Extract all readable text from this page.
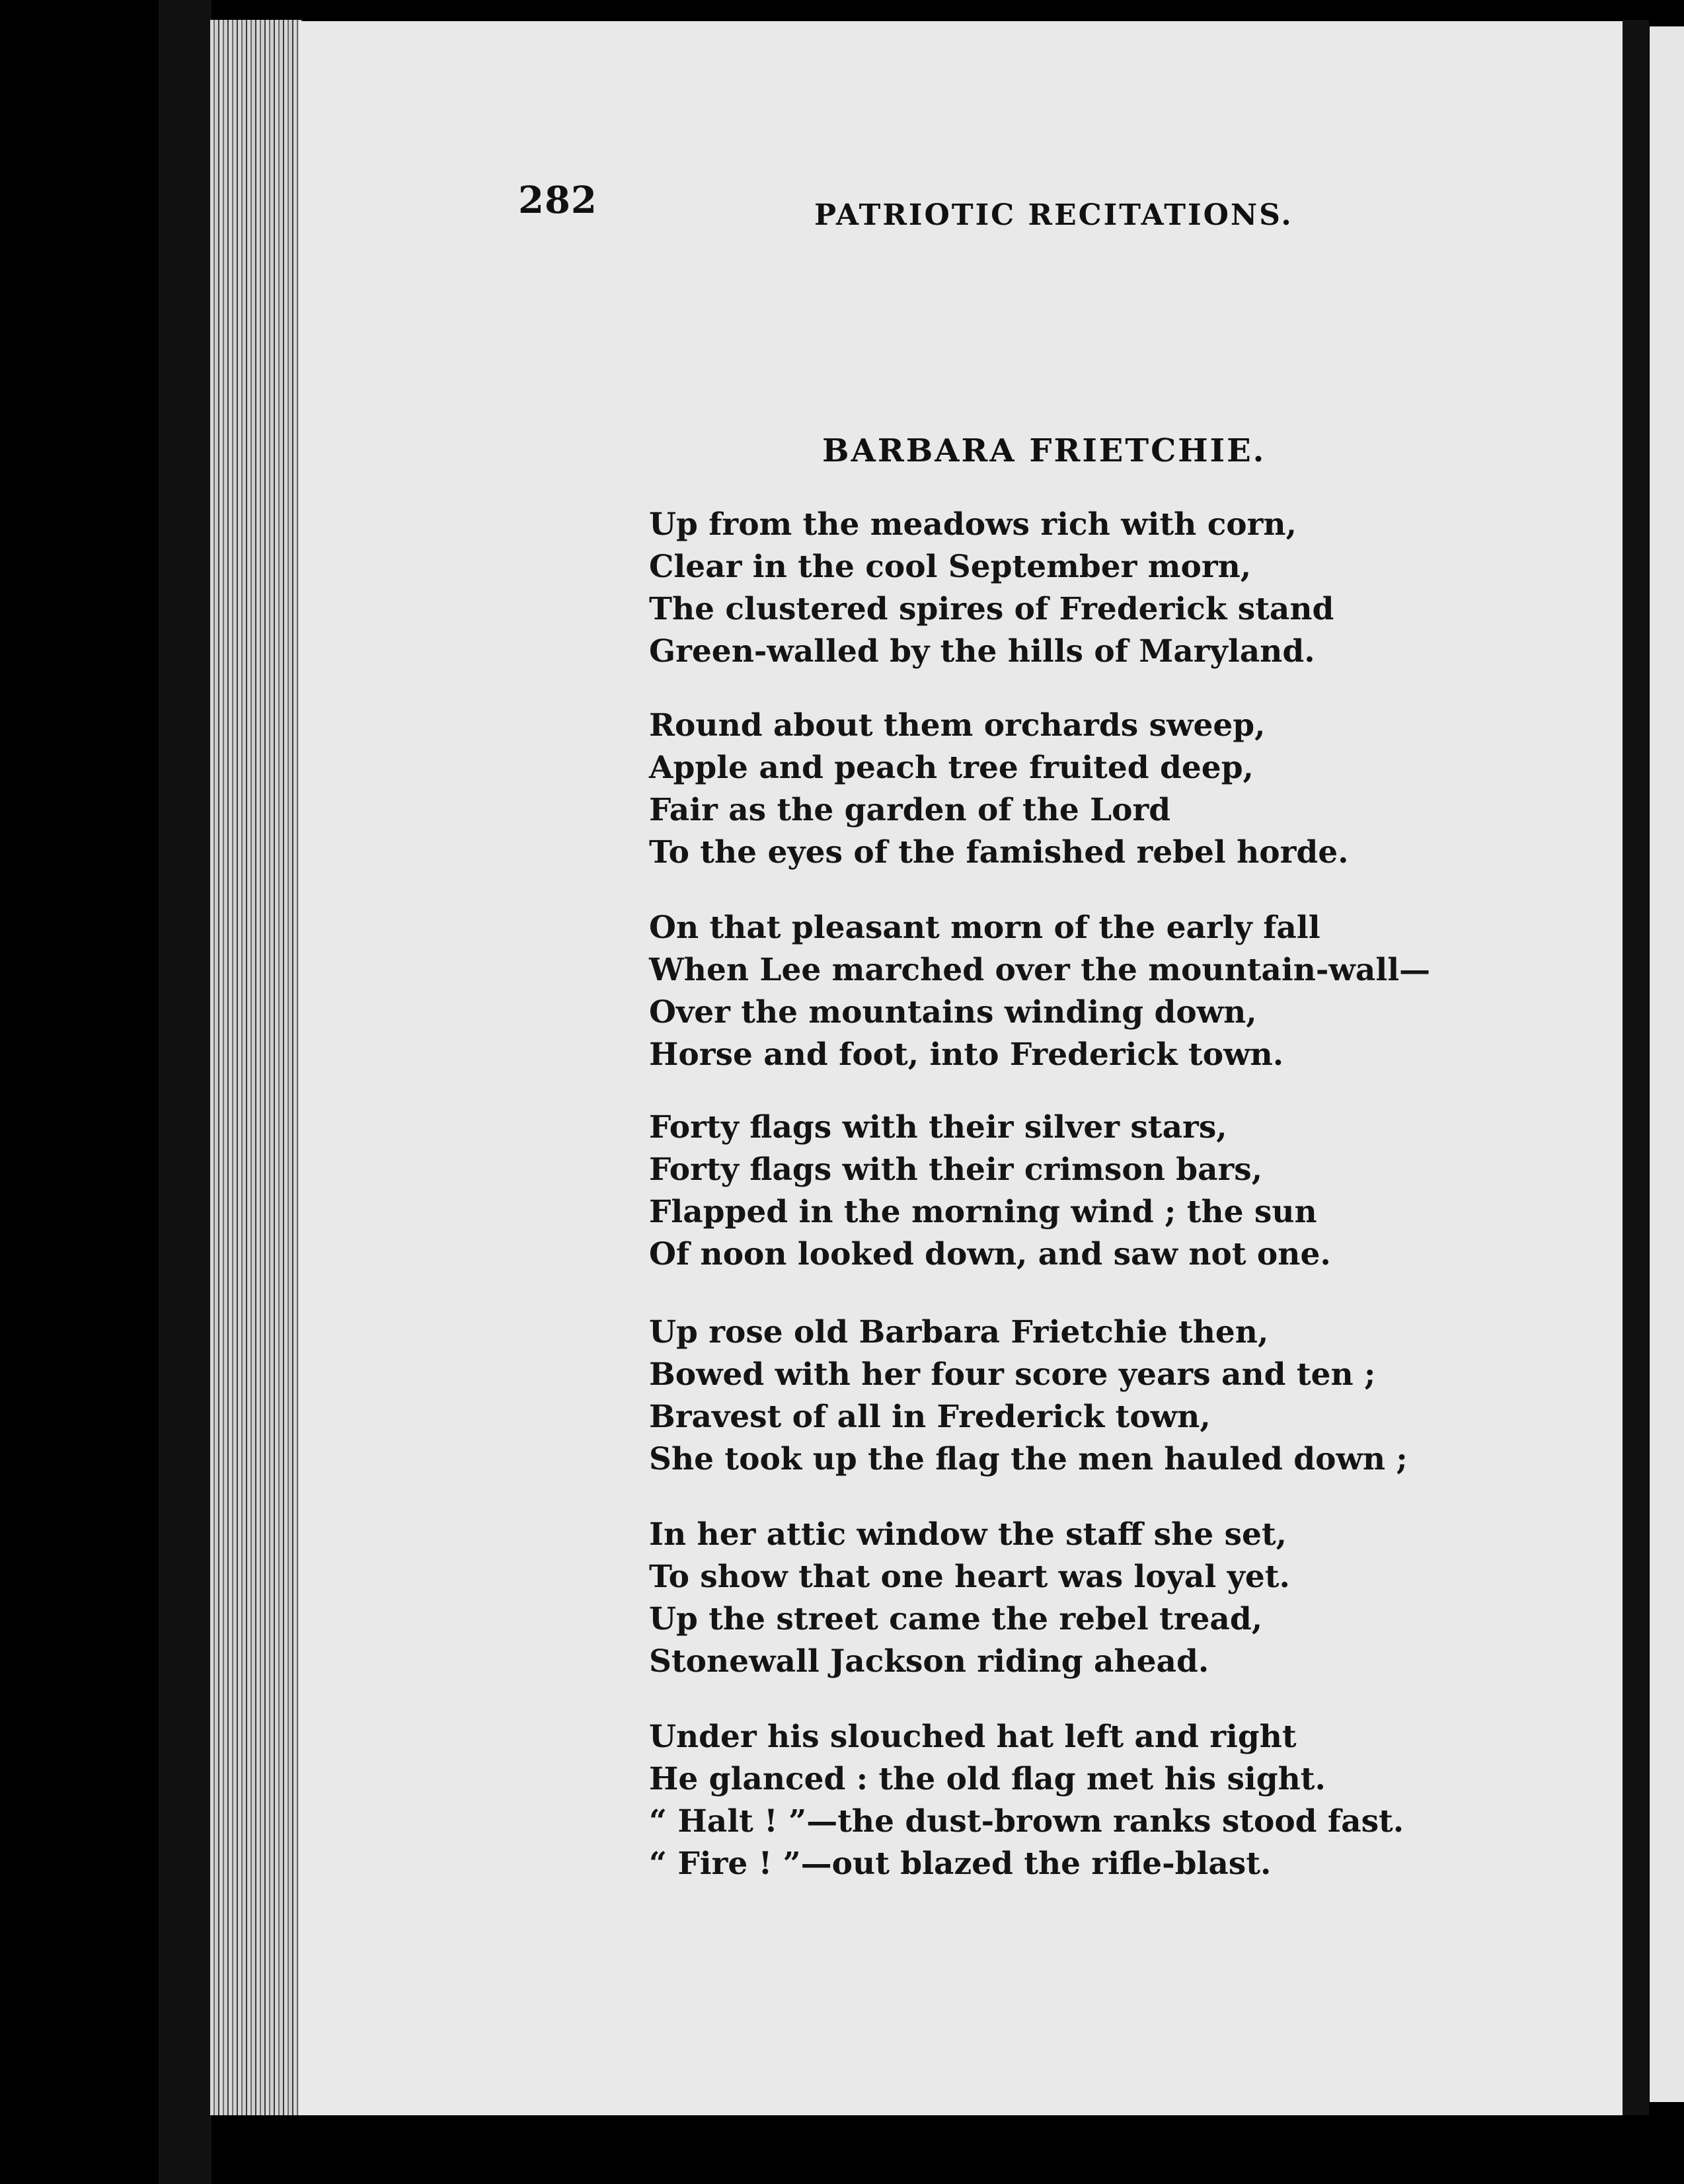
282	PATRIOTIC RECITATIONS.
BARBARA FRIETCHIE.
Up from the meadows rich with corn,
Clear in the cool September morn,
The clustered spires of Frederick stand
Green-walled by the hills of Maryland.
Round about them orchards sweep,
Apple and peach tree fruited deep,
Fair as the garden of the Lord
To the eyes of the famished rebel horde.
On that pleasant morn of the early fall
When Lee marched over the mountain-wall—
Over the mountains winding down,
Horse and foot, into Frederick town.
Forty flags with their silver stars,
Forty flags with their crimson bars,
Flapped in the morning wind ; the sun
Of noon looked down, and saw not one.
Up rose old Barbara Frietchie then,
Bowed with her four score years and ten ;
Bravest of all in Frederick town,
She took up the flag the men hauled down ;
In her attic window the staff she set,
To show that one heart was loyal yet.
Up the street came the rebel tread,
Stonewall Jackson riding ahead.
Under his slouched hat left and right
He glanced : the old flag met his sight.
“ Halt ! ”—the dust-brown ranks stood fast.
“ Fire ! ”—out blazed the rifle-blast.
